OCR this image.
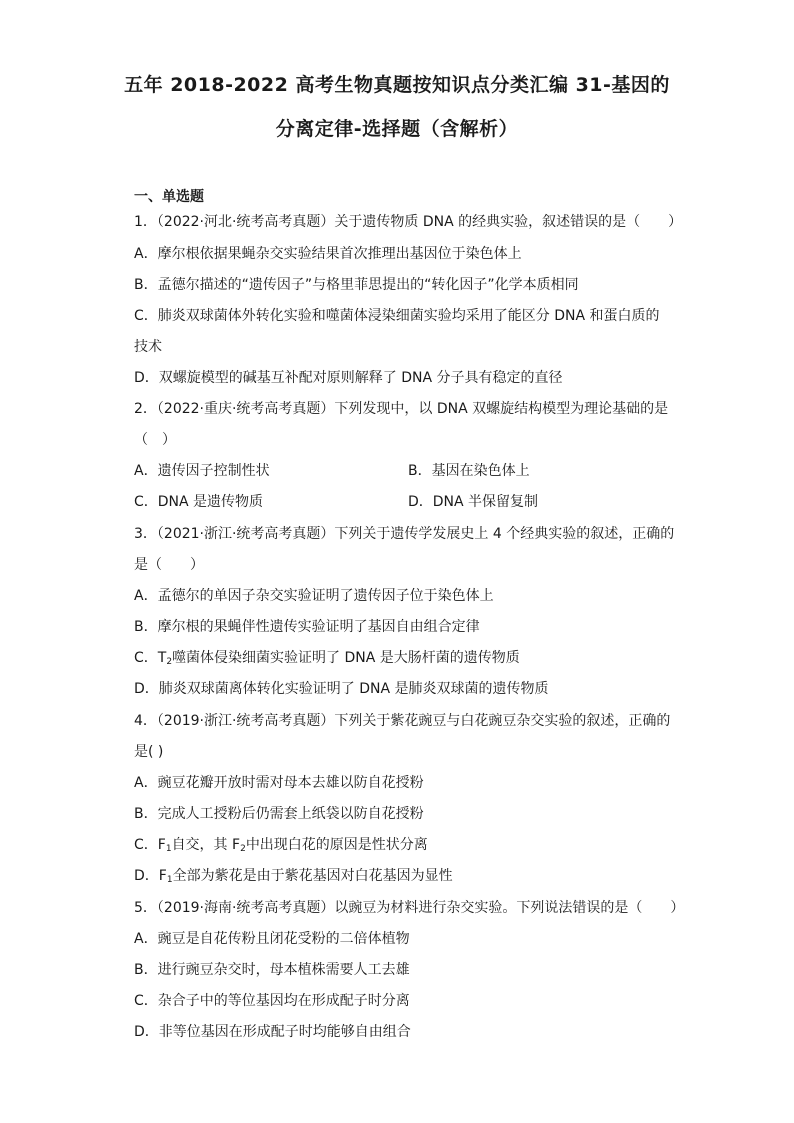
五年 2018-2022 高考生物真题按知识点分类汇编 31-基因的
分离定律-选择题（含解析）
一、单选题
1．（2022·河北·统考高考真题）关于遗传物质 DNA 的经典实验，叙述错误的是（　　）
A．摩尔根依据果蝇杂交实验结果首次推理出基因位于染色体上
B．孟德尔描述的“遗传因子”与格里菲思提出的“转化因子”化学本质相同
C．肺炎双球菌体外转化实验和噬菌体浸染细菌实验均采用了能区分 DNA 和蛋白质的
技术
D．双螺旋模型的碱基互补配对原则解释了 DNA 分子具有稳定的直径
2．（2022·重庆·统考高考真题）下列发现中，以 DNA 双螺旋结构模型为理论基础的是
（　）
A．遗传因子控制性状	B．基因在染色体上
C．DNA 是遗传物质	D．DNA 半保留复制
3．（2021·浙江·统考高考真题）下列关于遗传学发展史上 4 个经典实验的叙述，正确的
是（　　）
A．孟德尔的单因子杂交实验证明了遗传因子位于染色体上
B．摩尔根的果蝇伴性遗传实验证明了基因自由组合定律
C．$T_2$噬菌体侵染细菌实验证明了 DNA 是大肠杆菌的遗传物质
D．肺炎双球菌离体转化实验证明了 DNA 是肺炎双球菌的遗传物质
4．（2019·浙江·统考高考真题）下列关于紫花豌豆与白花豌豆杂交实验的叙述，正确的
是( )
A．豌豆花瓣开放时需对母本去雄以防自花授粉
B．完成人工授粉后仍需套上纸袋以防自花授粉
C．$F_1$自交，其 $F_2$中出现白花的原因是性状分离
D．$F_1$全部为紫花是由于紫花基因对白花基因为显性
5．（2019·海南·统考高考真题）以豌豆为材料进行杂交实验。下列说法错误的是（　　）
A．豌豆是自花传粉且闭花受粉的二倍体植物
B．进行豌豆杂交时，母本植株需要人工去雄
C．杂合子中的等位基因均在形成配子时分离
D．非等位基因在形成配子时均能够自由组合
